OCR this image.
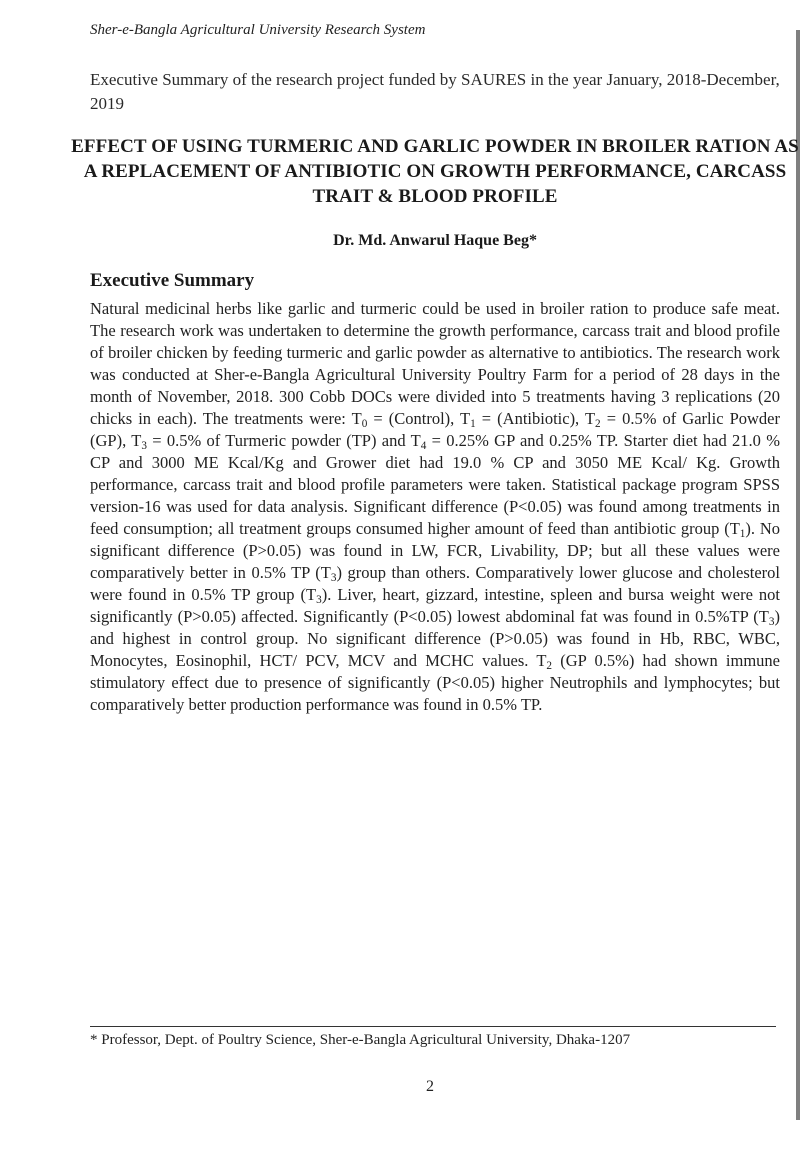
Sher-e-Bangla Agricultural University Research System
Executive Summary of the research project funded by SAURES in the year January, 2018-December, 2019
EFFECT OF USING TURMERIC AND GARLIC POWDER IN BROILER RATION AS A REPLACEMENT OF ANTIBIOTIC ON GROWTH PERFORMANCE, CARCASS TRAIT & BLOOD PROFILE
Dr. Md. Anwarul Haque Beg*
Executive Summary
Natural medicinal herbs like garlic and turmeric could be used in broiler ration to produce safe meat. The research work was undertaken to determine the growth performance, carcass trait and blood profile of broiler chicken by feeding turmeric and garlic powder as alternative to antibiotics. The research work was conducted at Sher-e-Bangla Agricultural University Poultry Farm for a period of 28 days in the month of November, 2018. 300 Cobb DOCs were divided into 5 treatments having 3 replications (20 chicks in each). The treatments were: $T_0$ = (Control), $T_1$ = (Antibiotic), $T_2 = 0.5\%$ of Garlic Powder (GP), $T_3 = 0.5\%$ of Turmeric powder (TP) and $T_4 = 0.25\%$ GP and 0.25% TP. Starter diet had 21.0 % CP and 3000 ME Kcal/Kg and Grower diet had 19.0 % CP and 3050 ME Kcal/ Kg. Growth performance, carcass trait and blood profile parameters were taken. Statistical package program SPSS version-16 was used for data analysis. Significant difference (P<0.05) was found among treatments in feed consumption; all treatment groups consumed higher amount of feed than antibiotic group $(T_1)$. No significant difference (P>0.05) was found in LW, FCR, Livability, DP; but all these values were comparatively better in 0.5% TP $(T_3)$ group than others. Comparatively lower glucose and cholesterol were found in 0.5% TP group $(T_3)$. Liver, heart, gizzard, intestine, spleen and bursa weight were not significantly (P>0.05) affected. Significantly (P<0.05) lowest abdominal fat was found in 0.5%TP $(T_3)$ and highest in control group. No significant difference (P>0.05) was found in Hb, RBC, WBC, Monocytes, Eosinophil, HCT/ PCV, MCV and MCHC values. $T_2$ (GP 0.5%) had shown immune stimulatory effect due to presence of significantly (P<0.05) higher Neutrophils and lymphocytes; but comparatively better production performance was found in 0.5% TP.
* Professor, Dept. of Poultry Science, Sher-e-Bangla Agricultural University, Dhaka-1207
2
